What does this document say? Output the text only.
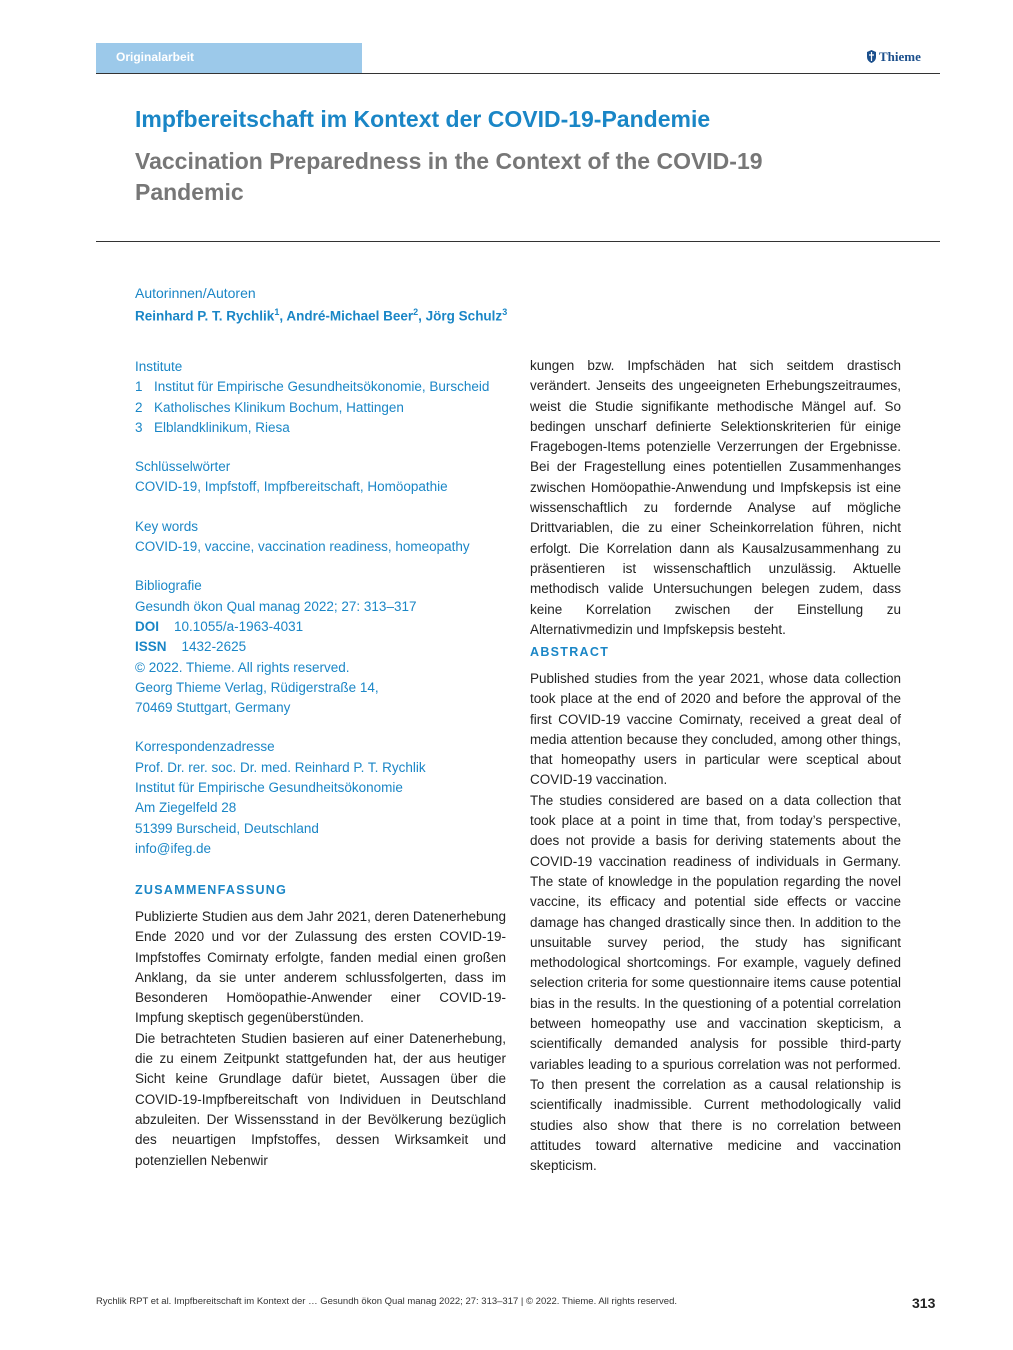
Originalarbeit	Thieme
Impfbereitschaft im Kontext der COVID-19-Pandemie
Vaccination Preparedness in the Context of the COVID-19 Pandemic
Autorinnen/Autoren
Reinhard P. T. Rychlik$^1$, André-Michael Beer$^2$, Jörg Schulz$^3$
Institute
1 Institut für Empirische Gesundheitsökonomie, Burscheid
2 Katholisches Klinikum Bochum, Hattingen
3 Elblandklinikum, Riesa
Schlüsselwörter
COVID-19, Impfstoff, Impfbereitschaft, Homöopathie
Key words
COVID-19, vaccine, vaccination readiness, homeopathy
Bibliografie
Gesundh ökon Qual manag 2022; 27: 313–317
DOI 10.1055/a-1963-4031
ISSN 1432-2625
© 2022. Thieme. All rights reserved.
Georg Thieme Verlag, Rüdigerstraße 14,
70469 Stuttgart, Germany
Korrespondenzadresse
Prof. Dr. rer. soc. Dr. med. Reinhard P. T. Rychlik
Institut für Empirische Gesundheitsökonomie
Am Ziegelfeld 28
51399 Burscheid, Deutschland
info@ifeg.de
ZUSAMMENFASSUNG
Publizierte Studien aus dem Jahr 2021, deren Datenerhebung Ende 2020 und vor der Zulassung des ersten COVID-19-Impfstoffes Comirnaty erfolgte, fanden medial einen großen Anklang, da sie unter anderem schlussfolgerten, dass im Besonderen Homöopathie-Anwender einer COVID-19-Impfung skeptisch gegenüberstünden.
Die betrachteten Studien basieren auf einer Datenerhebung, die zu einem Zeitpunkt stattgefunden hat, der aus heutiger Sicht keine Grundlage dafür bietet, Aussagen über die COVID-19-Impfbereitschaft von Individuen in Deutschland abzuleiten. Der Wissensstand in der Bevölkerung bezüglich des neuartigen Impfstoffes, dessen Wirksamkeit und potenziellen Nebenwir
kungen bzw. Impfschäden hat sich seitdem drastisch verändert. Jenseits des ungeeigneten Erhebungszeitraumes, weist die Studie signifikante methodische Mängel auf. So bedingen unscharf definierte Selektionskriterien für einige Fragebogen-Items potenzielle Verzerrungen der Ergebnisse. Bei der Fragestellung eines potentiellen Zusammenhanges zwischen Homöopathie-Anwendung und Impfskepsis ist eine wissenschaftlich zu fordernde Analyse auf mögliche Drittvariablen, die zu einer Scheinkorrelation führen, nicht erfolgt. Die Korrelation dann als Kausalzusammenhang zu präsentieren ist wissenschaftlich unzulässig. Aktuelle methodisch valide Untersuchungen belegen zudem, dass keine Korrelation zwischen der Einstellung zu Alternativmedizin und Impfskepsis besteht.
ABSTRACT
Published studies from the year 2021, whose data collection took place at the end of 2020 and before the approval of the first COVID-19 vaccine Comirnaty, received a great deal of media attention because they concluded, among other things, that homeopathy users in particular were sceptical about COVID-19 vaccination.
The studies considered are based on a data collection that took place at a point in time that, from today’s perspective, does not provide a basis for deriving statements about the COVID-19 vaccination readiness of individuals in Germany. The state of knowledge in the population regarding the novel vaccine, its efficacy and potential side effects or vaccine damage has changed drastically since then. In addition to the unsuitable survey period, the study has significant methodological shortcomings. For example, vaguely defined selection criteria for some questionnaire items cause potential bias in the results. In the questioning of a potential correlation between homeopathy use and vaccination skepticism, a scientifically demanded analysis for possible third-party variables leading to a spurious correlation was not performed. To then present the correlation as a causal relationship is scientifically inadmissible. Current methodologically valid studies also show that there is no correlation between attitudes toward alternative medicine and vaccination skepticism.
Rychlik RPT et al. Impfbereitschaft im Kontext der … Gesundh ökon Qual manag 2022; 27: 313–317 | © 2022. Thieme. All rights reserved.	313
